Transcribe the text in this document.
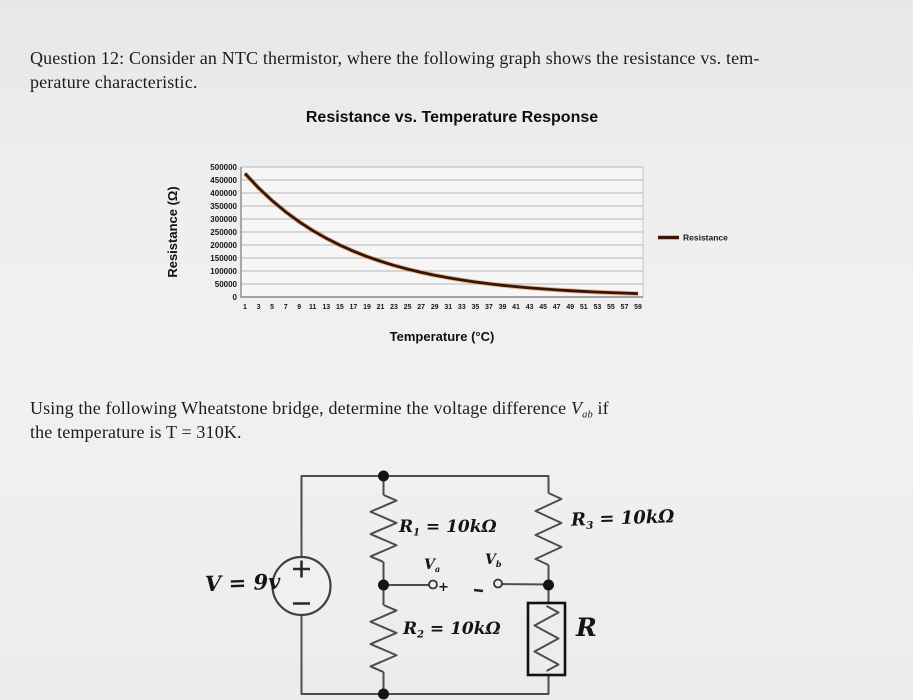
Question 12: Consider an NTC thermistor, where the following graph shows the resistance vs. tem-

perature characteristic.

0
50000
100000
150000
200000
250000
300000
350000
400000
450000
500000
1 3 5 7 9 11 13 15 17 19 21 23 25 27 29 31 33 35 37 39 41 43 45 47 49 51 53 55 57 59
Resistance vs. Temperature Response
Resistance (Ω)
Temperature (°C)
Resistance
V = 9v
$R_1 = 10k\Omega$	$R_3 = 10k\Omega$
$R_2 = 10k\Omega$	R
$V_a$
$V_b$
+

Using the following Wheatstone bridge, determine the voltage difference $V_{ab}$ if

the temperature is T = 310K.
